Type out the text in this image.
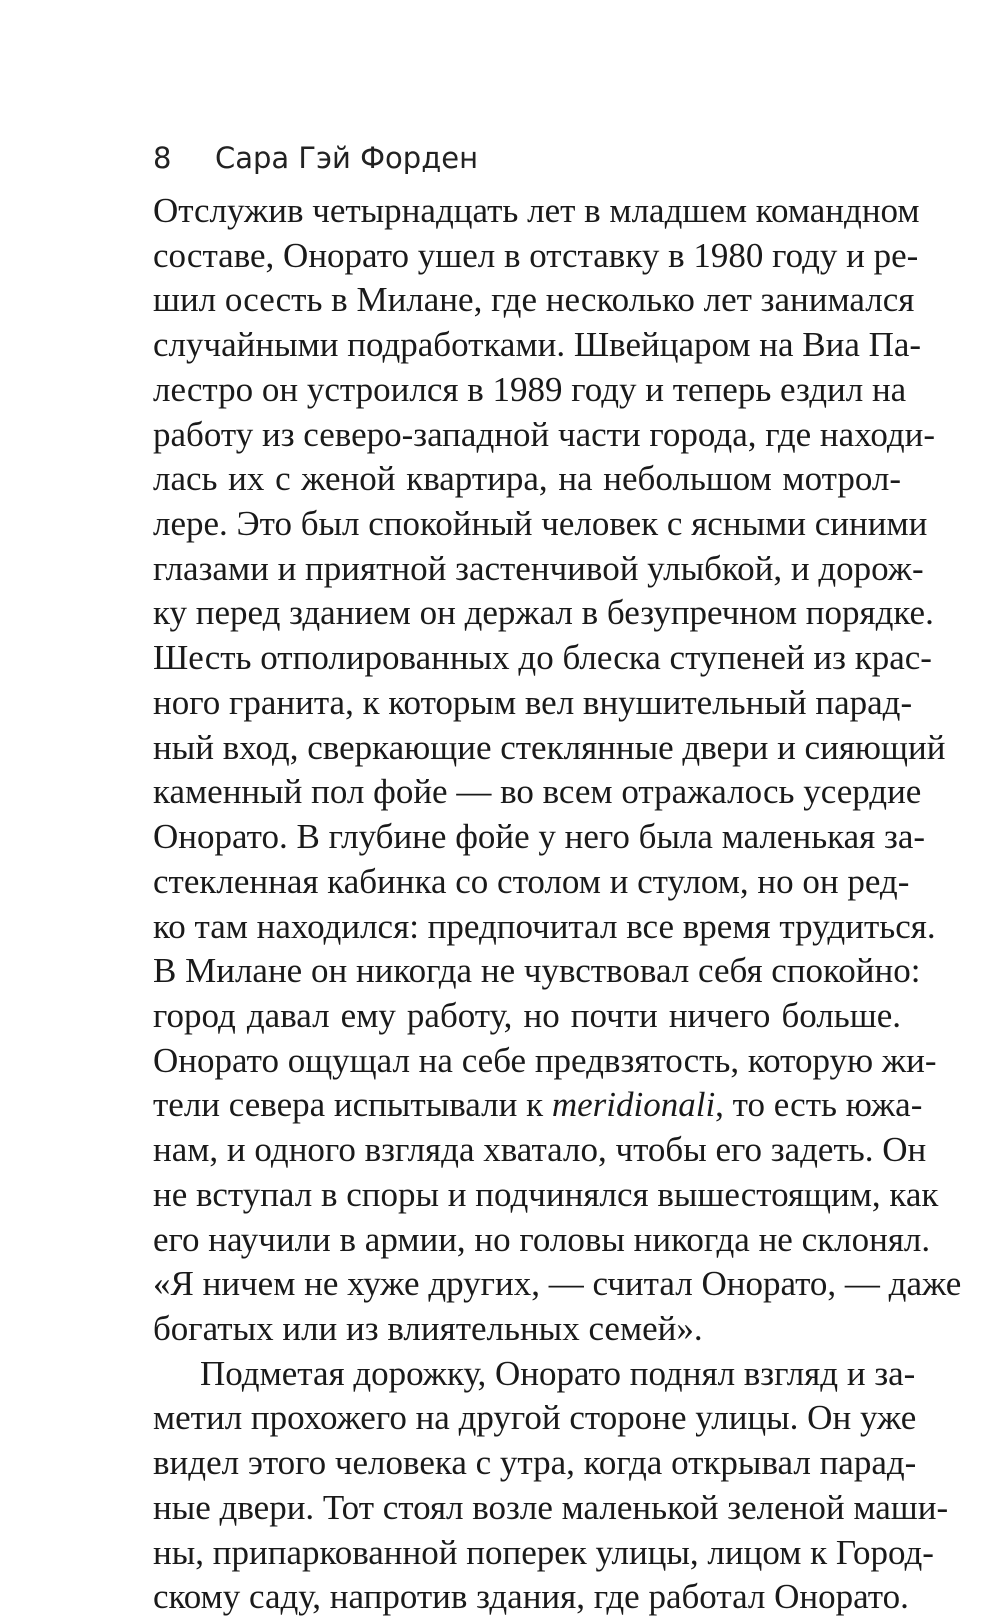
8 Сара Гэй Форден
Отслужив четырнадцать лет в младшем командном
составе, Онорато ушел в отставку в 1980 году и ре-
шил осесть в Милане, где несколько лет занимался
случайными подработками. Швейцаром на Виа Па-
лестро он устроился в 1989 году и теперь ездил на
работу из северо-западной части города, где находи-
лась их с женой квартира, на небольшом мотрол-
лере. Это был спокойный человек с ясными синими
глазами и приятной застенчивой улыбкой, и дорож-
ку перед зданием он держал в безупречном порядке.
Шесть отполированных до блеска ступеней из крас-
ного гранита, к которым вел внушительный парад-
ный вход, сверкающие стеклянные двери и сияющий
каменный пол фойе — во всем отражалось усердие
Онорато. В глубине фойе у него была маленькая за-
стекленная кабинка со столом и стулом, но он ред-
ко там находился: предпочитал все время трудиться.
В Милане он никогда не чувствовал себя спокойно:
город давал ему работу, но почти ничего больше.
Онорато ощущал на себе предвзятость, которую жи-
тели севера испытывали к meridionali, то есть южа-
нам, и одного взгляда хватало, чтобы его задеть. Он
не вступал в споры и подчинялся вышестоящим, как
его научили в армии, но головы никогда не склонял.
«Я ничем не хуже других, — считал Онорато, — даже
богатых или из влиятельных семей».
Подметая дорожку, Онорато поднял взгляд и за-
метил прохожего на другой стороне улицы. Он уже
видел этого человека с утра, когда открывал парад-
ные двери. Тот стоял возле маленькой зеленой маши-
ны, припаркованной поперек улицы, лицом к Город-
скому саду, напротив здания, где работал Онорато.
